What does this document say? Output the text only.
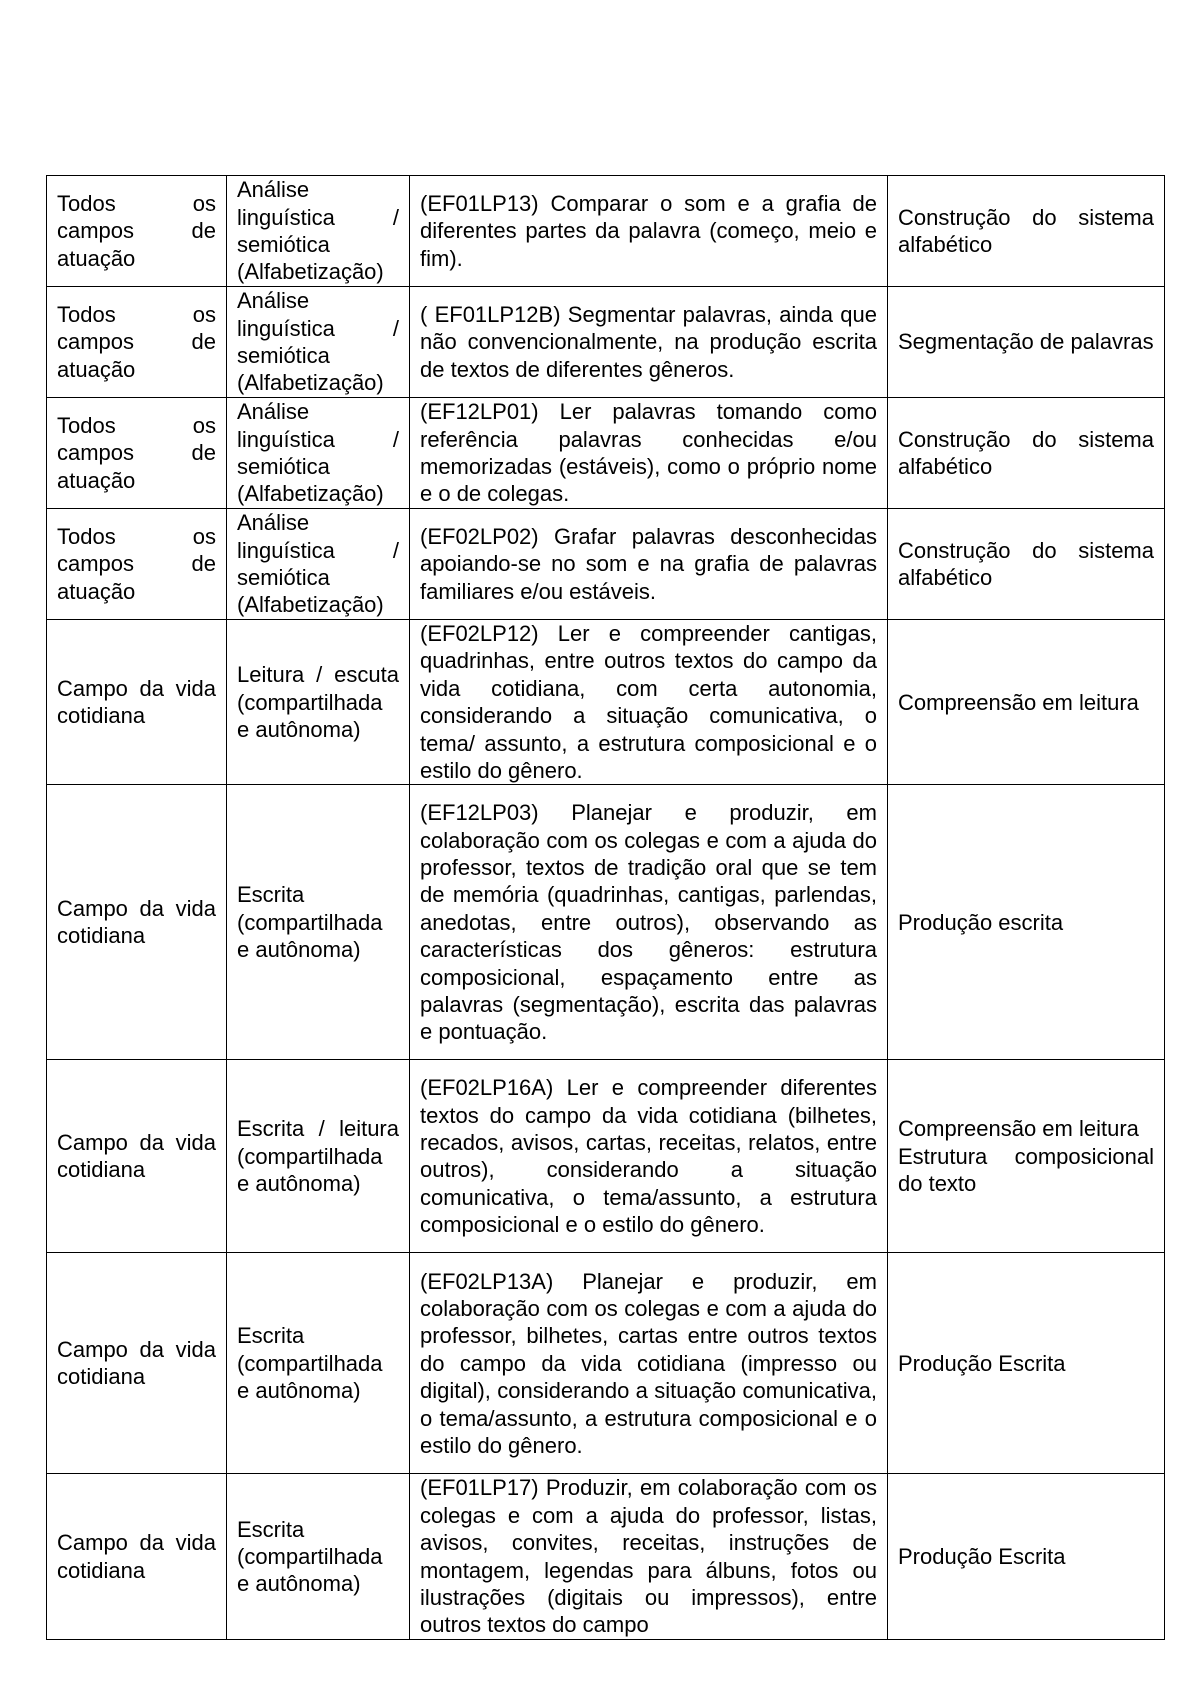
Todos os campos de atuação	Análise linguística / semiótica (Alfabetização)	(EF01LP13) Comparar o som e a grafia de diferentes partes da palavra (começo, meio e fim).	Construção do sistema alfabético

Todos os campos de atuação	Análise linguística / semiótica (Alfabetização)	( EF01LP12B) Segmentar palavras, ainda que não convencionalmente, na produção escrita de textos de diferentes gêneros.	Segmentação de palavras

Todos os campos de atuação	Análise linguística / semiótica (Alfabetização)	(EF12LP01) Ler palavras tomando como referência palavras conhecidas e/ou memorizadas (estáveis), como o próprio nome e o de colegas.	Construção do sistema alfabético

Todos os campos de atuação	Análise linguística / semiótica (Alfabetização)	(EF02LP02) Grafar palavras desconhecidas apoiando-se no som e na grafia de palavras familiares e/ou estáveis.	Construção do sistema alfabético

Campo da vida cotidiana	Leitura / escuta (compartilhada e autônoma)	(EF02LP12) Ler e compreender cantigas, quadrinhas, entre outros textos do campo da vida cotidiana, com certa autonomia, considerando a situação comunicativa, o tema/ assunto, a estrutura composicional e o estilo do gênero.	Compreensão em leitura

Campo da vida cotidiana	Escrita (compartilhada e autônoma)	(EF12LP03) Planejar e produzir, em colaboração com os colegas e com a ajuda do professor, textos de tradição oral que se tem de memória (quadrinhas, cantigas, parlendas, anedotas, entre outros), observando as características dos gêneros: estrutura composicional, espaçamento entre as palavras (segmentação), escrita das palavras e pontuação.	Produção escrita

Campo da vida cotidiana	Escrita / leitura (compartilhada e autônoma)	(EF02LP16A) Ler e compreender diferentes textos do campo da vida cotidiana (bilhetes, recados, avisos, cartas, receitas, relatos, entre outros), considerando a situação comunicativa, o tema/assunto, a estrutura composicional e o estilo do gênero.	Compreensão em leitura
Estrutura composicional do texto

Campo da vida cotidiana	Escrita (compartilhada e autônoma)	(EF02LP13A) Planejar e produzir, em colaboração com os colegas e com a ajuda do professor, bilhetes, cartas entre outros textos do campo da vida cotidiana (impresso ou digital), considerando a situação comunicativa, o tema/assunto, a estrutura composicional e o estilo do gênero.	Produção Escrita

Campo da vida cotidiana	Escrita (compartilhada e autônoma)	(EF01LP17) Produzir, em colaboração com os colegas e com a ajuda do professor, listas, avisos, convites, receitas, instruções de montagem, legendas para álbuns, fotos ou ilustrações (digitais ou impressos), entre outros textos do campo	Produção Escrita
